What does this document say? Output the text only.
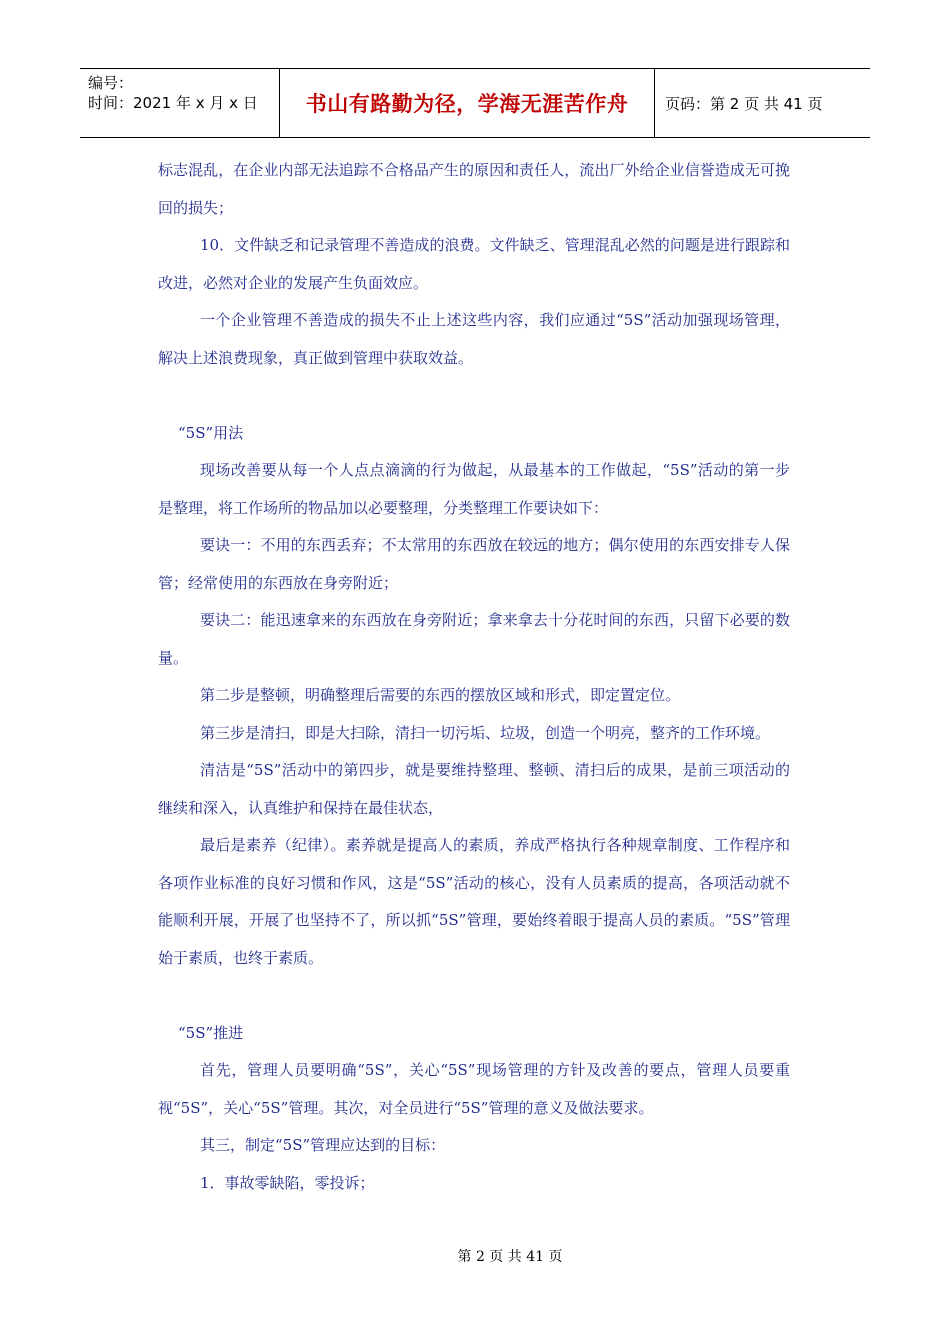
编号：
时间：2021 年 x 月 x 日	书山有路勤为径，学海无涯苦作舟	页码：第 2 页 共 41 页

标志混乱，在企业内部无法追踪不合格品产生的原因和责任人，流出厂外给企业信誉造成无可挽回的损失；

10．文件缺乏和记录管理不善造成的浪费。文件缺乏、管理混乱必然的问题是进行跟踪和改进，必然对企业的发展产生负面效应。

一个企业管理不善造成的损失不止上述这些内容，我们应通过“5S”活动加强现场管理，解决上述浪费现象，真正做到管理中获取效益。

“5S”用法

现场改善要从每一个人点点滴滴的行为做起，从最基本的工作做起，“5S”活动的第一步是整理，将工作场所的物品加以必要整理，分类整理工作要诀如下：

要诀一：不用的东西丢弃；不太常用的东西放在较远的地方；偶尔使用的东西安排专人保管；经常使用的东西放在身旁附近；

要诀二：能迅速拿来的东西放在身旁附近；拿来拿去十分花时间的东西，只留下必要的数量。

第二步是整顿，明确整理后需要的东西的摆放区域和形式，即定置定位。

第三步是清扫，即是大扫除，清扫一切污垢、垃圾，创造一个明亮，整齐的工作环境。

清洁是“5S”活动中的第四步，就是要维持整理、整顿、清扫后的成果，是前三项活动的继续和深入，认真维护和保持在最佳状态，

最后是素养（纪律）。素养就是提高人的素质，养成严格执行各种规章制度、工作程序和各项作业标准的良好习惯和作风，这是“5S”活动的核心，没有人员素质的提高，各项活动就不能顺利开展，开展了也坚持不了，所以抓“5S”管理，要始终着眼于提高人员的素质。“5S”管理始于素质，也终于素质。

“5S”推进

首先，管理人员要明确“5S”，关心“5S”现场管理的方针及改善的要点，管理人员要重视“5S”，关心“5S”管理。其次，对全员进行“5S”管理的意义及做法要求。

其三，制定“5S”管理应达到的目标：

1．事故零缺陷，零投诉；

第 2 页 共 41 页
